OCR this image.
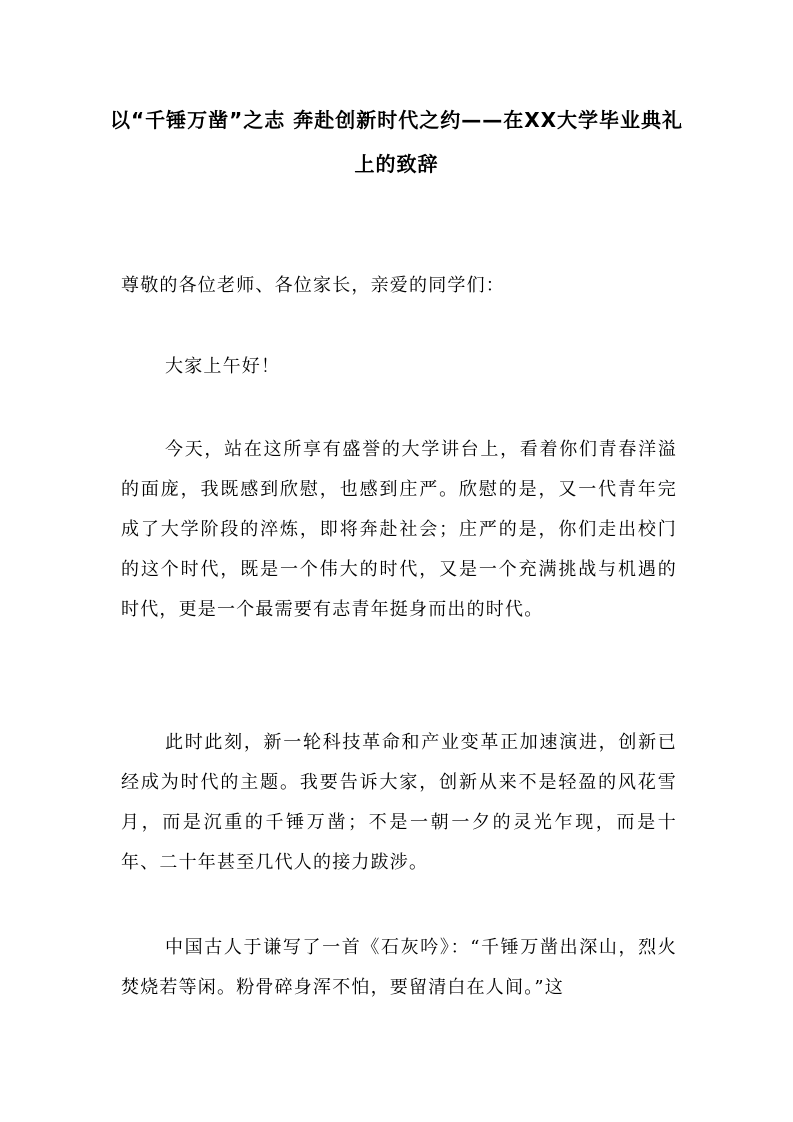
以“千锤万凿”之志 奔赴创新时代之约——在XX大学毕业典礼上的致辞

尊敬的各位老师、各位家长，亲爱的同学们：

大家上午好！

今天，站在这所享有盛誉的大学讲台上，看着你们青春洋溢的面庞，我既感到欣慰，也感到庄严。欣慰的是，又一代青年完成了大学阶段的淬炼，即将奔赴社会；庄严的是，你们走出校门的这个时代，既是一个伟大的时代，又是一个充满挑战与机遇的时代，更是一个最需要有志青年挺身而出的时代。

此时此刻，新一轮科技革命和产业变革正加速演进，创新已经成为时代的主题。我要告诉大家，创新从来不是轻盈的风花雪月，而是沉重的千锤万凿；不是一朝一夕的灵光乍现，而是十年、二十年甚至几代人的接力跋涉。

中国古人于谦写了一首《石灰吟》：“千锤万凿出深山，烈火焚烧若等闲。粉骨碎身浑不怕，要留清白在人间。”这
